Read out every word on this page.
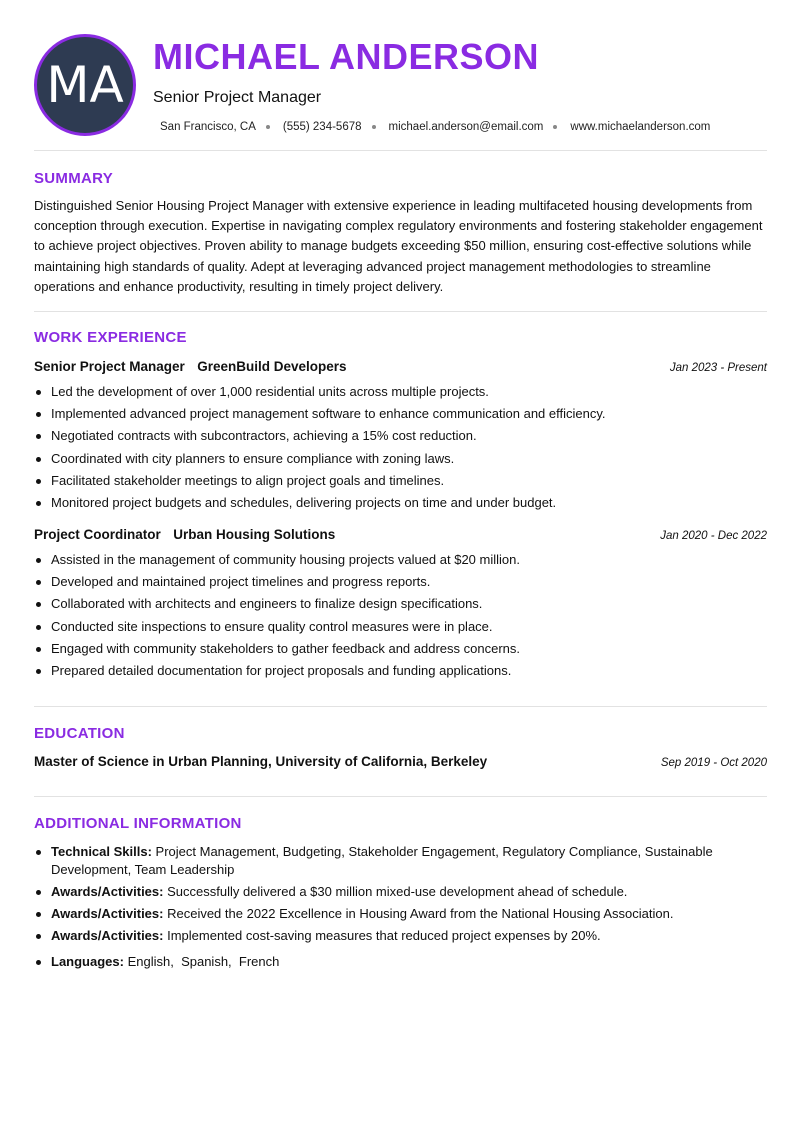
MA MICHAEL ANDERSON
Senior Project Manager
San Francisco, CA (555) 234-5678 michael.anderson@email.com www.michaelanderson.com
SUMMARY
Distinguished Senior Housing Project Manager with extensive experience in leading multifaceted housing developments from conception through execution. Expertise in navigating complex regulatory environments and fostering stakeholder engagement to achieve project objectives. Proven ability to manage budgets exceeding $50 million, ensuring cost-effective solutions while maintaining high standards of quality. Adept at leveraging advanced project management methodologies to streamline operations and enhance productivity, resulting in timely project delivery.
WORK EXPERIENCE
Senior Project Manager GreenBuild Developers	Jan 2023 - Present
Led the development of over 1,000 residential units across multiple projects.
Implemented advanced project management software to enhance communication and efficiency.
Negotiated contracts with subcontractors, achieving a 15% cost reduction.
Coordinated with city planners to ensure compliance with zoning laws.
Facilitated stakeholder meetings to align project goals and timelines.
Monitored project budgets and schedules, delivering projects on time and under budget.
Project Coordinator Urban Housing Solutions	Jan 2020 - Dec 2022
Assisted in the management of community housing projects valued at $20 million.
Developed and maintained project timelines and progress reports.
Collaborated with architects and engineers to finalize design specifications.
Conducted site inspections to ensure quality control measures were in place.
Engaged with community stakeholders to gather feedback and address concerns.
Prepared detailed documentation for project proposals and funding applications.
EDUCATION
Master of Science in Urban Planning, University of California, Berkeley	Sep 2019 - Oct 2020
ADDITIONAL INFORMATION
Technical Skills: Project Management, Budgeting, Stakeholder Engagement, Regulatory Compliance, Sustainable Development, Team Leadership
Awards/Activities: Successfully delivered a $30 million mixed-use development ahead of schedule.
Awards/Activities: Received the 2022 Excellence in Housing Award from the National Housing Association.
Awards/Activities: Implemented cost-saving measures that reduced project expenses by 20%.
Languages: English,  Spanish,  French
